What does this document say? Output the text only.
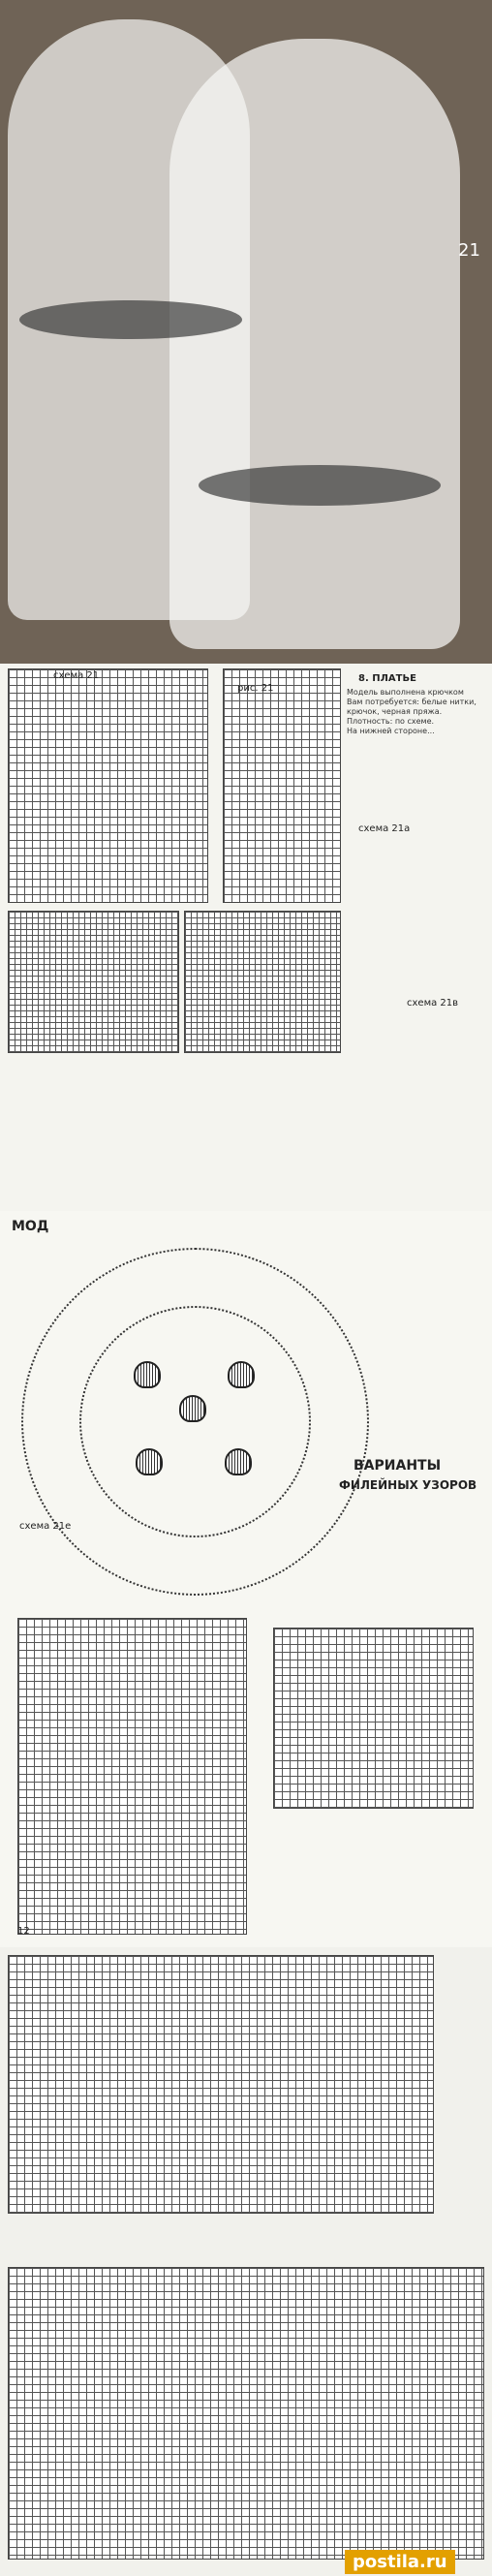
21
схема 21
рис. 21
схема 21а
схема 21в
8. ПЛАТЬЕ
Модель выполнена крючком
Вам потребуется: белые нитки,
крючок, черная пряжа.
Плотность: по схеме.
На нижней стороне...
МОД
схема 21е
ВАРИАНТЫ
ФИЛЕЙНЫХ УЗОРОВ
12
postila.ru
